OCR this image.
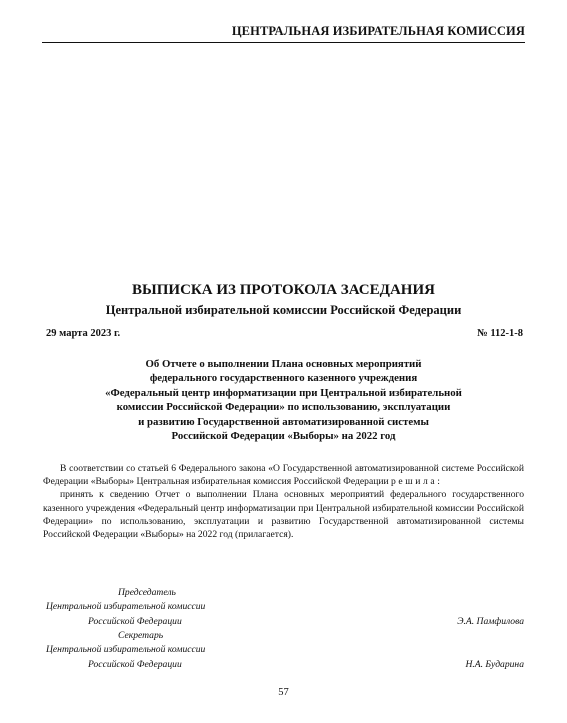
ЦЕНТРАЛЬНАЯ ИЗБИРАТЕЛЬНАЯ КОМИССИЯ
ВЫПИСКА ИЗ ПРОТОКОЛА ЗАСЕДАНИЯ
Центральной избирательной комиссии Российской Федерации
29 марта 2023 г.	№ 112-1-8
Об Отчете о выполнении Плана основных мероприятий
федерального государственного казенного учреждения
«Федеральный центр информатизации при Центральной избирательной
комиссии Российской Федерации» по использованию, эксплуатации
и развитию Государственной автоматизированной системы
Российской Федерации «Выборы» на 2022 год

В соответствии со статьей 6 Федерального закона «О Государственной автоматизированной системе Российской Федерации «Выборы» Центральная избирательная комиссия Российской Федерации решила:

принять к сведению Отчет о выполнении Плана основных мероприятий федерального государственного казенного учреждения «Федеральный центр информатизации при Центральной избирательной комиссии Российской Федерации» по использованию, эксплуатации и развитию Государственной автоматизированной системы Российской Федерации «Выборы» на 2022 год (прилагается).

Председатель
Центральной избирательной комиссии
Российской Федерации	Э.А. Памфилова
Секретарь
Центральной избирательной комиссии
Российской Федерации	Н.А. Бударина
57
